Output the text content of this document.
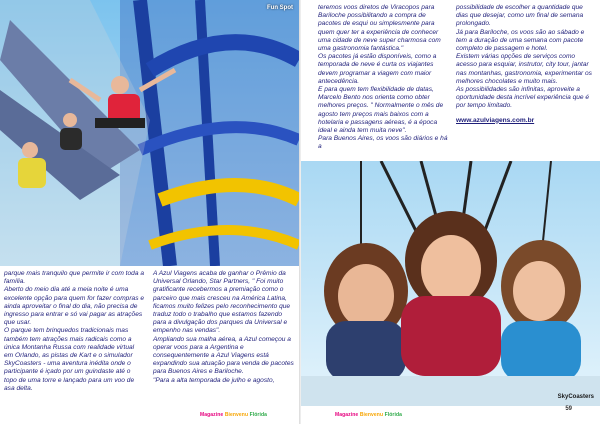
Fun Spot

parque mais tranquilo que permite ir com toda a família.

Aberto do meio dia até a meia noite é uma excelente opção para quem for fazer compras e ainda aproveitar o final do dia, não precisa de ingresso para entrar e só vai pagar as atrações que usar.

O parque tem brinquedos tradicionais mas também tem atrações mais radicais como a única Montanha Russa com realidade virtual em Orlando, as pistas de Kart e o simulador SkyCoasters - uma aventura inédita onde o participante é içado por um guindaste até o topo de uma torre e lançado para um voo de asa delta.

A Azul Viagens acaba de ganhar o Prêmio da Universal Orlando, Star Partners, " Foi muito gratificante recebermos a premiação como o parceiro que mais cresceu na América Latina, ficamos muito felizes pelo reconhecimento que traduz todo o trabalho que estamos fazendo para a divulgação dos parques da Universal e empenho nas vendas".

Ampliando sua malha aérea, a Azul começou a operar voos para a Argentina e consequentemente a Azul Viagens está expandindo sua atuação para venda de pacotes para Buenos Aires e Bariloche.

"Para a alta temporada de julho e agosto,

Magazine Bienvenu Flórida

teremos voos diretos de Viracopos para Bariloche possibilitando a compra de pacotes de esqui ou simplesmente para quem quer ter a experiência de conhecer uma cidade de neve super charmosa com uma gastronomia fantástica."

Os pacotes já estão disponíveis, como a temporada de neve é curta os viajantes devem programar a viagem com maior antecedência.

E para quem tem flexibilidade de datas, Marcelo Bento nos orienta como obter melhores preços. " Normalmente o mês de agosto tem preços mais baixos com a hotelaria e passagens aéreas, é a época ideal e ainda tem muita neve".

Para Buenos Aires, os voos são diários e há a

possibilidade de escolher a quantidade que dias que desejar, como um final de semana prolongado.

Já para Bariloche, os voos são ao sábado e tem a duração de uma semana com pacote completo de passagem e hotel.

Existem várias opções de serviços como acesso para esquiar, instrutor, city tour, jantar nas montanhas, gastronomia, experimentar os melhores chocolates e muito mais.

As possibilidades são infinitas, aproveite a oportunidade desta incrível experiência que é por tempo limitado.

www.azulviagens.com.br
SkyCoasters
Magazine Bienvenu Flórida
59
